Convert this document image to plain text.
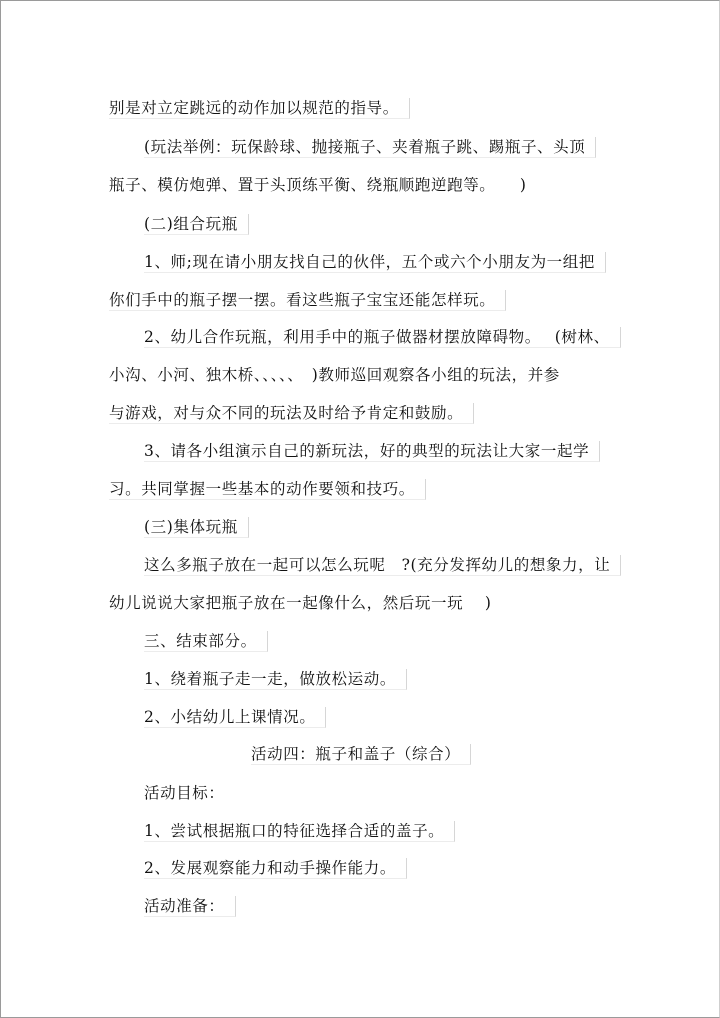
别是对立定跳远的动作加以规范的指导。
(玩法举例：玩保龄球、抛接瓶子、夹着瓶子跳、踢瓶子、头顶
瓶子、模仿炮弹、置于头顶练平衡、绕瓶顺跑逆跑等。　　)
(二)组合玩瓶
1、师;现在请小朋友找自己的伙伴，五个或六个小朋友为一组把
你们手中的瓶子摆一摆。看这些瓶子宝宝还能怎样玩。
2、幼儿合作玩瓶，利用手中的瓶子做器材摆放障碍物。　 (树林、
小沟、小河、独木桥、、、、、　)教师巡回观察各小组的玩法，并参
与游戏，对与众不同的玩法及时给予肯定和鼓励。
3、请各小组演示自己的新玩法，好的典型的玩法让大家一起学
习。共同掌握一些基本的动作要领和技巧。
(三)集体玩瓶
这么多瓶子放在一起可以怎么玩呢　?(充分发挥幼儿的想象力，让
幼儿说说大家把瓶子放在一起像什么，然后玩一玩　 )
三、结束部分。
1、绕着瓶子走一走，做放松运动。
2、小结幼儿上课情况。
活动四：瓶子和盖子（综合）
活动目标：
1、尝试根据瓶口的特征选择合适的盖子。
2、发展观察能力和动手操作能力。
活动准备：
